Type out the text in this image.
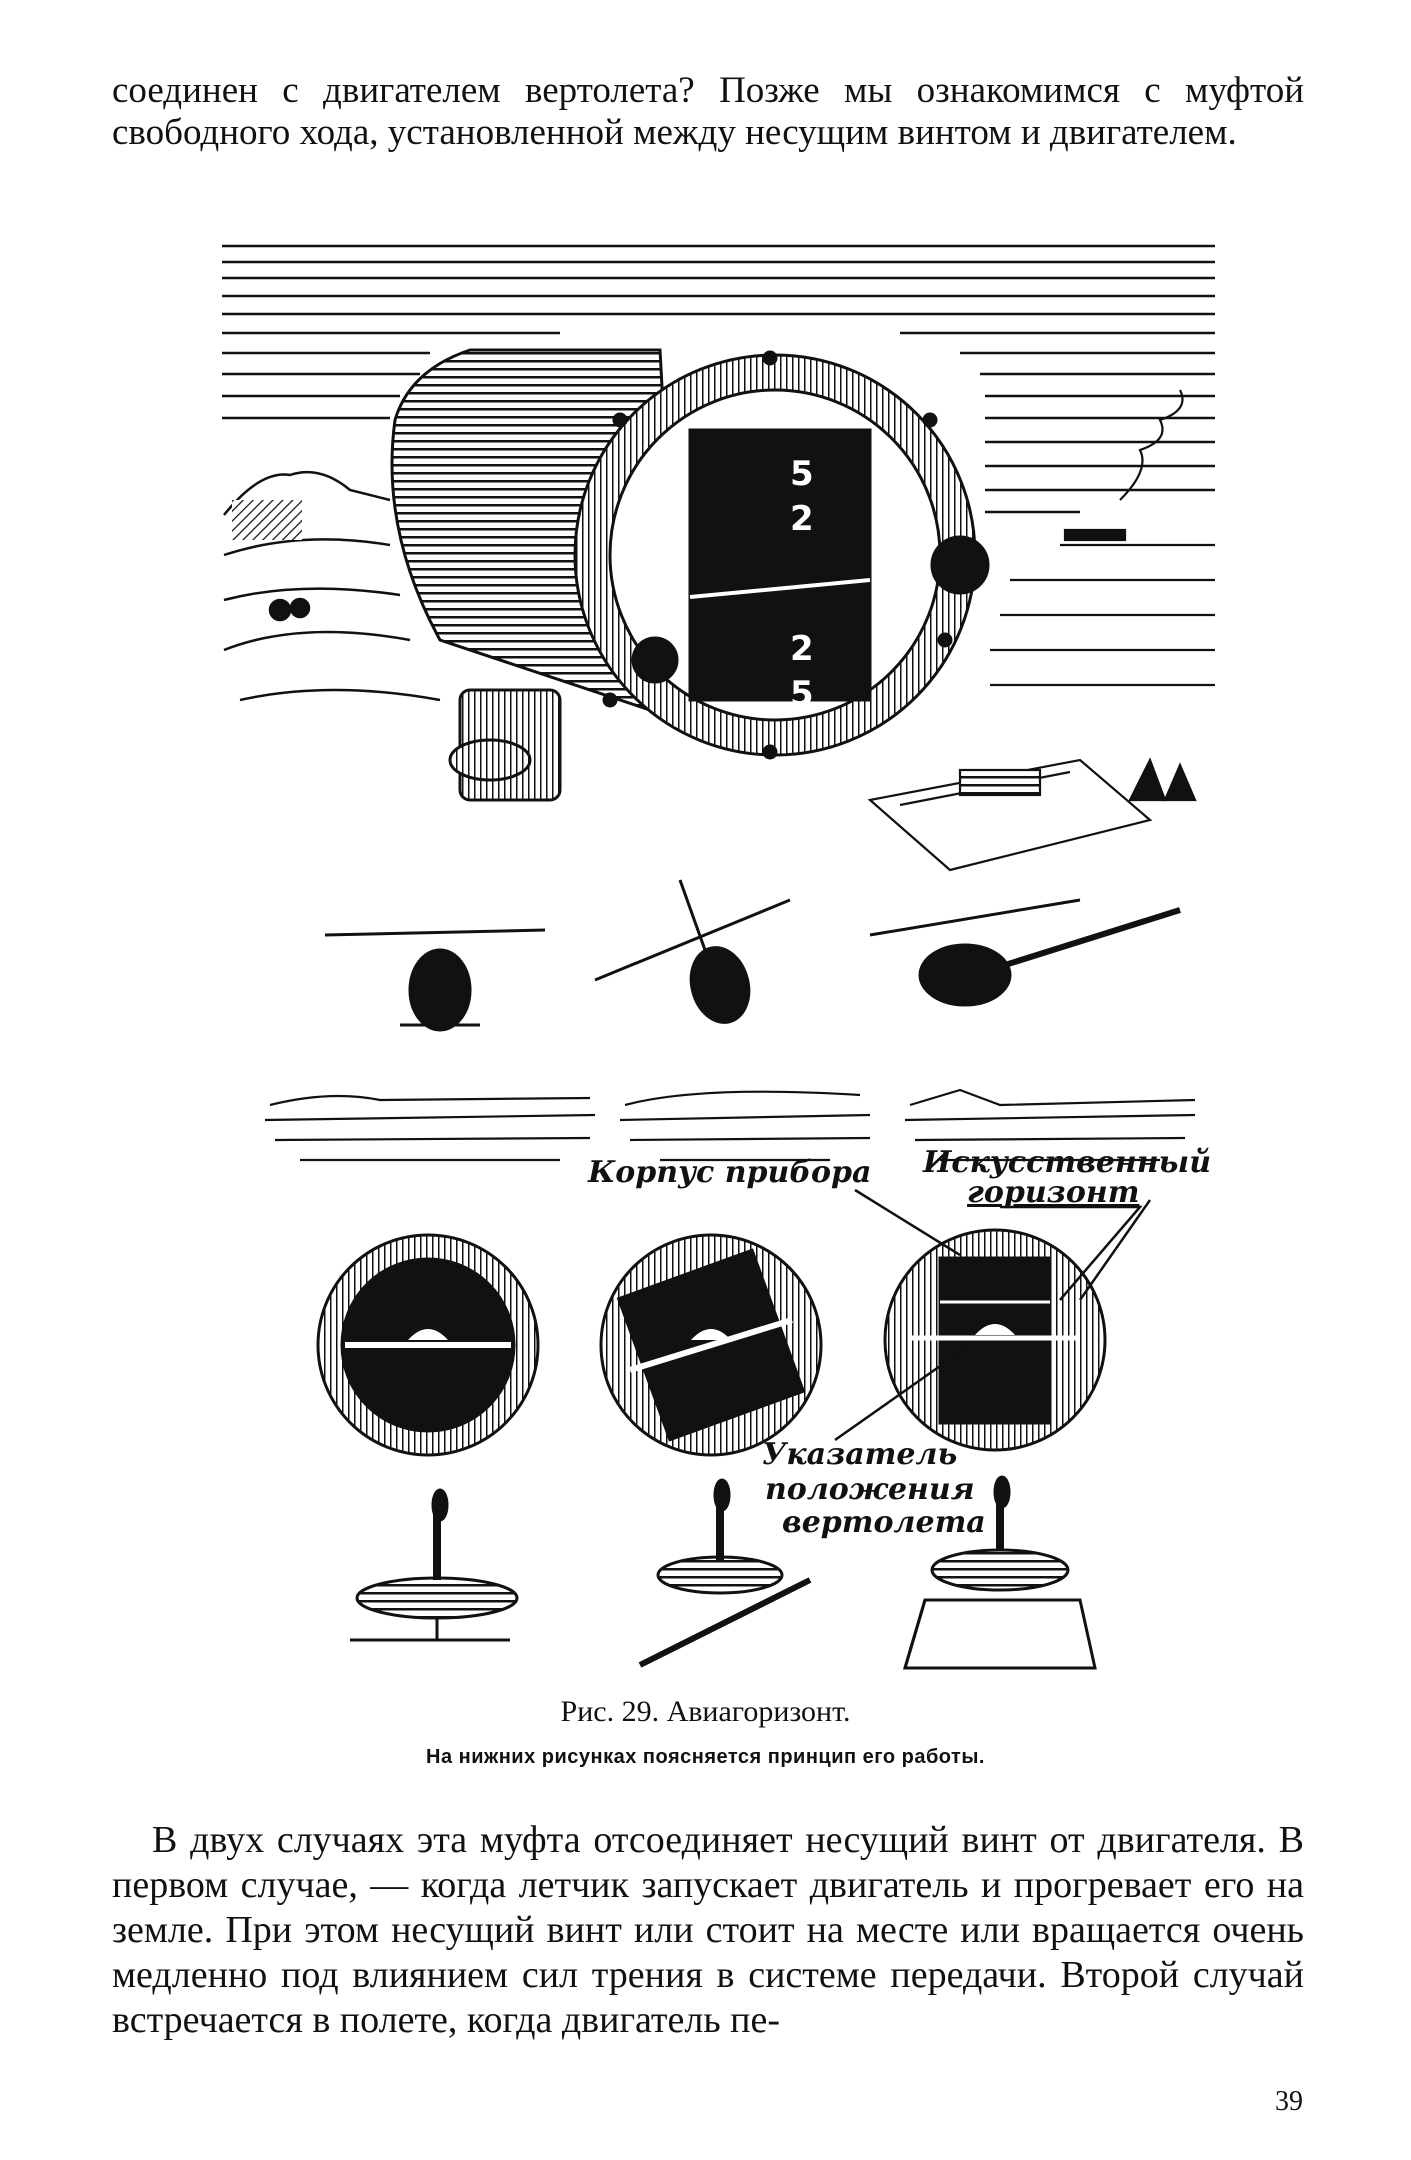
соединен с двигателем вертолета? Позже мы ознакомимся с муфтой свободного хода, установленной между несущим винтом и двигателем.

5
2
2
5
Корпус прибора Искусственный
горизонт
Указатель
положения
вертолета
Рис. 29. Авиагоризонт.
На нижних рисунках поясняется принцип его работы.

В двух случаях эта муфта отсоединяет несущий винт от двигателя. В первом случае, — когда летчик запускает двигатель и прогревает его на земле. При этом несущий винт или стоит на месте или вращается очень медленно под влиянием сил трения в системе передачи. Второй случай встречается в полете, когда двигатель пе-

39
